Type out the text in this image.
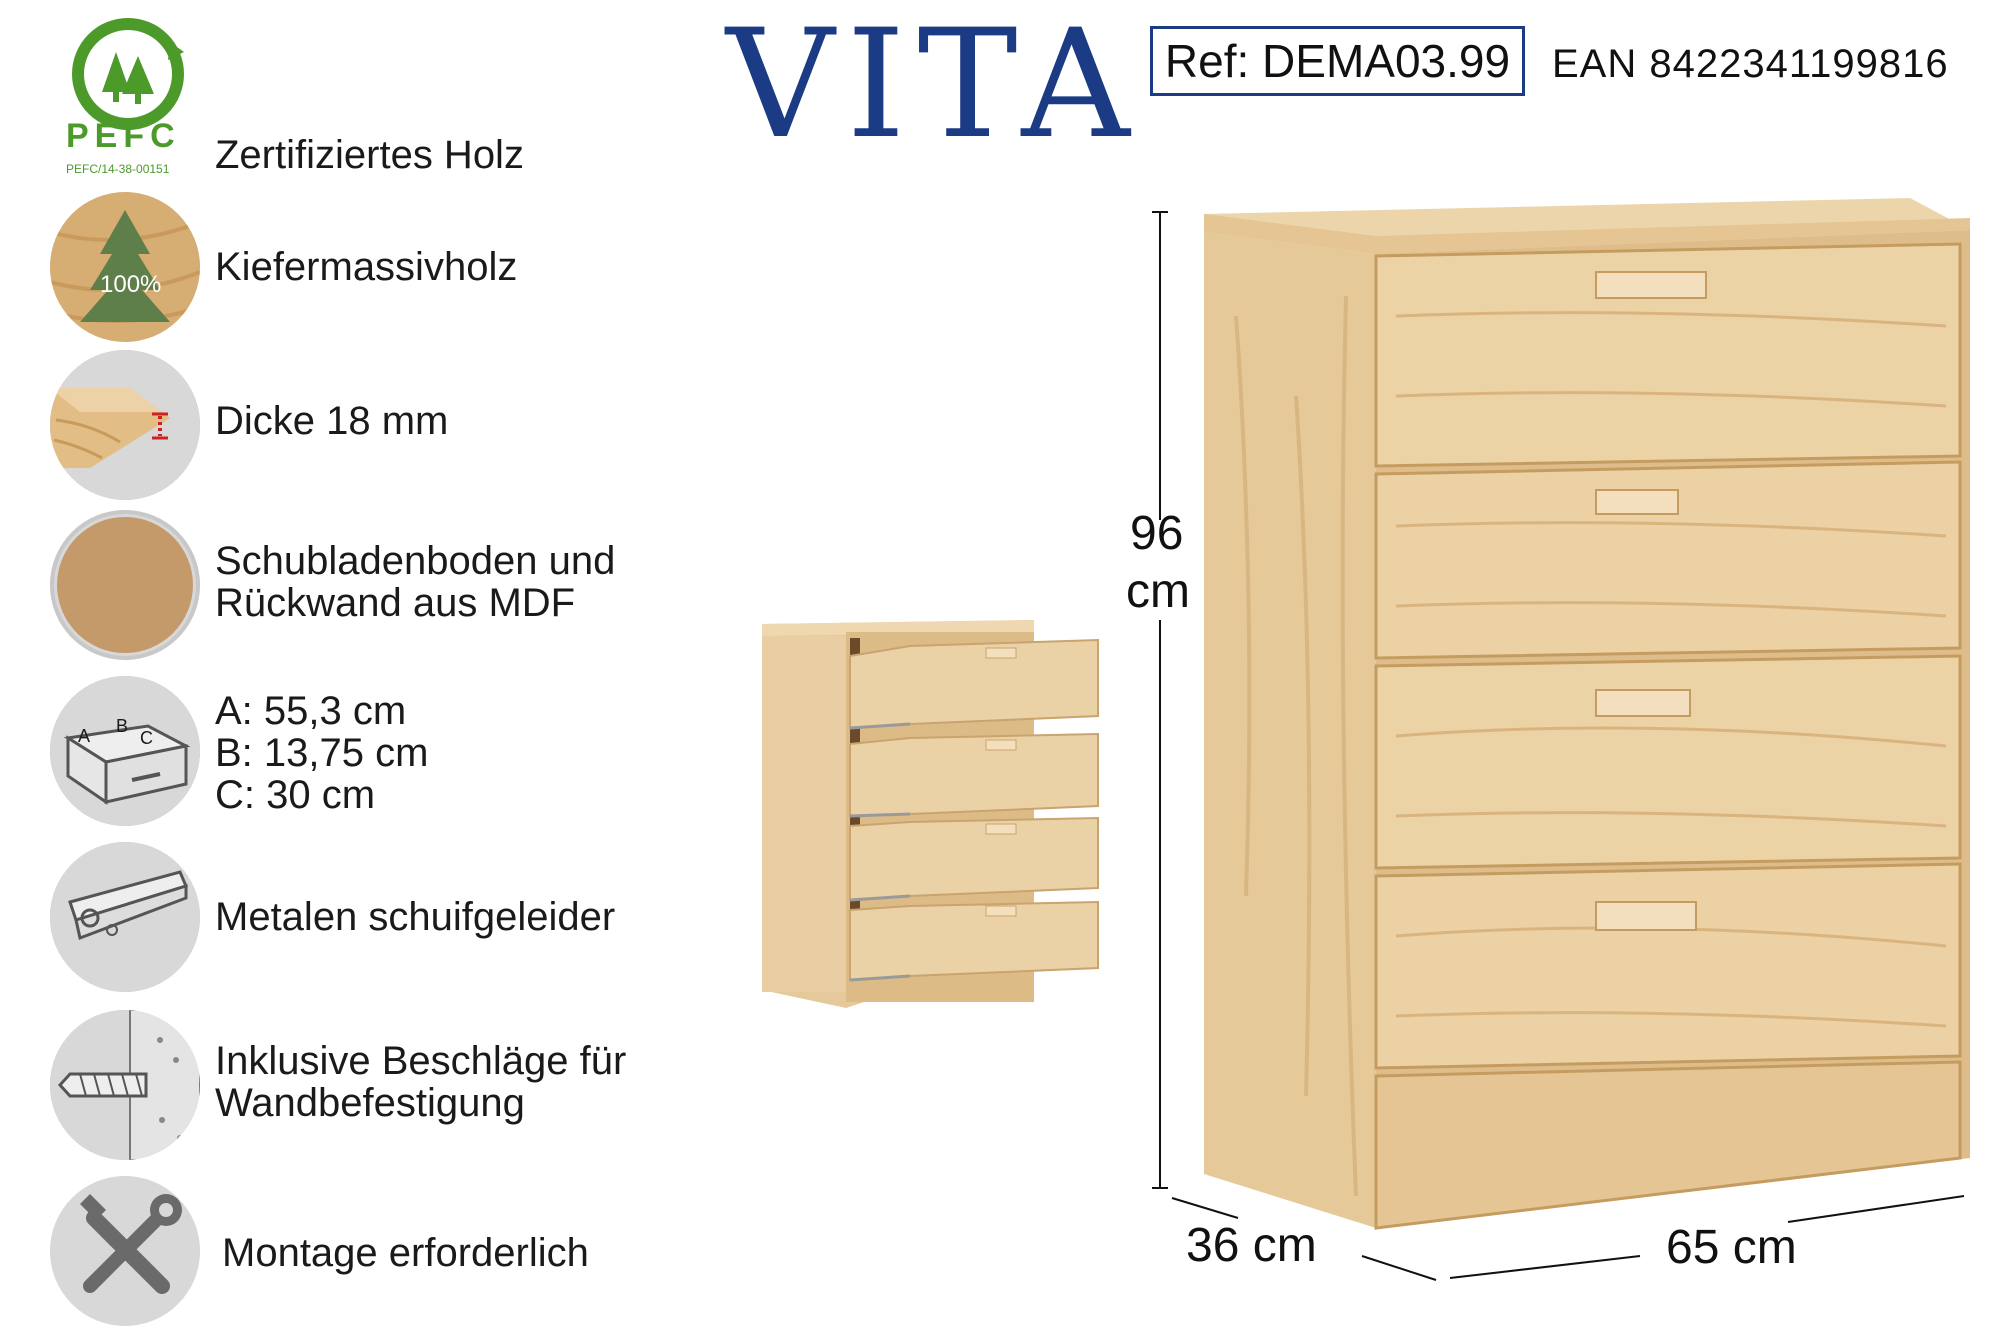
VITA Ref: DEMA03.99	EAN 8422341199816
PEFC
PEFC/14-38-00151 Zertifiziertes Holz
100% Kiefermassivholz
Dicke 18 mm
Schubladenboden und
Rückwand aus MDF
A B
C
A: 55,3 cm
B: 13,75 cm
C: 30 cm
Metalen schuifgeleider
Inklusive Beschläge für
Wandbefestigung
Montage erforderlich
96
cm
36 cm	65 cm
